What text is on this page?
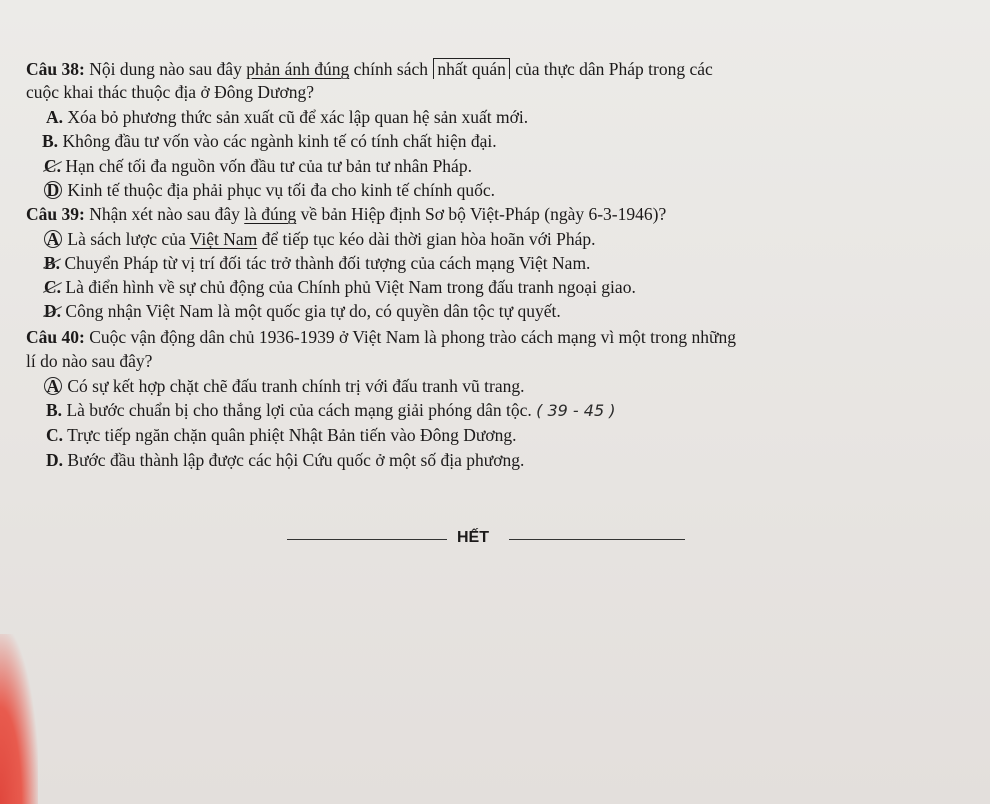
Câu 38: Nội dung nào sau đây phản ánh đúng chính sách nhất quán của thực dân Pháp trong các
cuộc khai thác thuộc địa ở Đông Dương?
A. Xóa bỏ phương thức sản xuất cũ để xác lập quan hệ sản xuất mới.
B. Không đầu tư vốn vào các ngành kinh tế có tính chất hiện đại.
C. Hạn chế tối đa nguồn vốn đầu tư của tư bản tư nhân Pháp.
D Kinh tế thuộc địa phải phục vụ tối đa cho kinh tế chính quốc.
Câu 39: Nhận xét nào sau đây là đúng về bản Hiệp định Sơ bộ Việt-Pháp (ngày 6-3-1946)?
A Là sách lược của Việt Nam để tiếp tục kéo dài thời gian hòa hoãn với Pháp.
B. Chuyển Pháp từ vị trí đối tác trở thành đối tượng của cách mạng Việt Nam.
C. Là điển hình về sự chủ động của Chính phủ Việt Nam trong đấu tranh ngoại giao.
D. Công nhận Việt Nam là một quốc gia tự do, có quyền dân tộc tự quyết.
Câu 40: Cuộc vận động dân chủ 1936-1939 ở Việt Nam là phong trào cách mạng vì một trong những
lí do nào sau đây?
A Có sự kết hợp chặt chẽ đấu tranh chính trị với đấu tranh vũ trang.
B. Là bước chuẩn bị cho thắng lợi của cách mạng giải phóng dân tộc. ( 39 - 45 )
C. Trực tiếp ngăn chặn quân phiệt Nhật Bản tiến vào Đông Dương.
D. Bước đầu thành lập được các hội Cứu quốc ở một số địa phương.
HẾT
